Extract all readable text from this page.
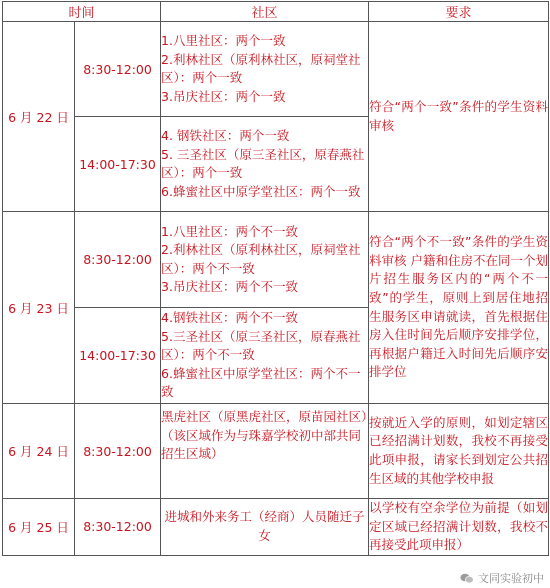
时间		社区	要求
6 月 22 日	8:30-12:00	1.八里社区：两个一致
2.利林社区（原利林社区，原祠堂社区）：两个一致
3.吊庆社区：两个一致	符合“两个一致”条件的学生资料审核
	14:00-17:30	4. 钢铁社区：两个一致
5. 三圣社区（原三圣社区，原春燕社区）：两个一致
6.蜂蜜社区中原学堂社区：两个一致	

6 月 23 日	8:30-12:00	1.八里社区：两个不一致
2.利林社区（原利林社区，原祠堂社区）：两个不一致
3.吊庆社区：两个不一致	符合“两个不一致”条件的学生资料审核 户籍和住房不在同一个划片招生服务区内的“两个不一致”的学生，原则上到居住地招生服务区申请就读，首先根据住房入住时间先后顺序安排学位，再根据户籍迁入时间先后顺序安排学位
	14:00-17:30	4.钢铁社区：两个不一致
5.三圣社区（原三圣社区，原春燕社区）：两个不一致
6.蜂蜜社区中原学堂社区：两个不一致	

6 月 24 日	8:30-12:00	黑虎社区（原黑虎社区，原苗园社区）（该区域作为与珠嘉学校初中部共同招生区域）	按就近入学的原则，如划定辖区已经招满计划数，我校不再接受此项申报，请家长到划定公共招生区域的其他学校申报
6 月 25 日	8:30-12:00	进城和外来务工（经商）人员随迁子女	以学校有空余学位为前提（如划定区域已经招满计划数，我校不再接受此项申报）
文同实验初中
